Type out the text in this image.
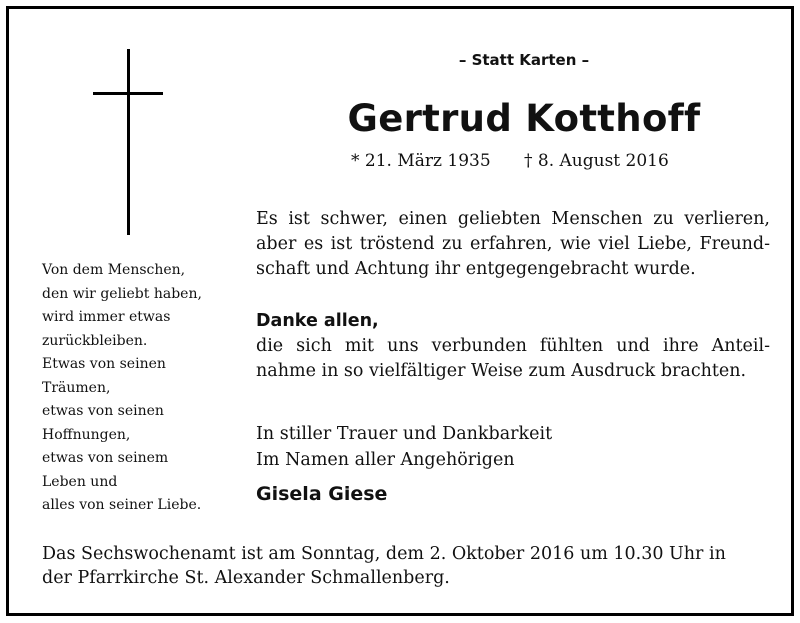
– Statt Karten –
Gertrud Kotthoff
* 21. März 1935 † 8. August 2016
Von dem Menschen,
den wir geliebt haben,
wird immer etwas
zurückbleiben.
Etwas von seinen
Träumen,
etwas von seinen
Hoffnungen,
etwas von seinem
Leben und
alles von seiner Liebe.
Es ist schwer, einen geliebten Menschen zu verlieren,
aber es ist tröstend zu erfahren, wie viel Liebe, Freund-
schaft und Achtung ihr entgegengebracht wurde.
Danke allen,
die sich mit uns verbunden fühlten und ihre Anteil-
nahme in so vielfältiger Weise zum Ausdruck brachten.
In stiller Trauer und Dankbarkeit
Im Namen aller Angehörigen
Gisela Giese
Das Sechswochenamt ist am Sonntag, dem 2. Oktober 2016 um 10.30 Uhr in
der Pfarrkirche St. Alexander Schmallenberg.
